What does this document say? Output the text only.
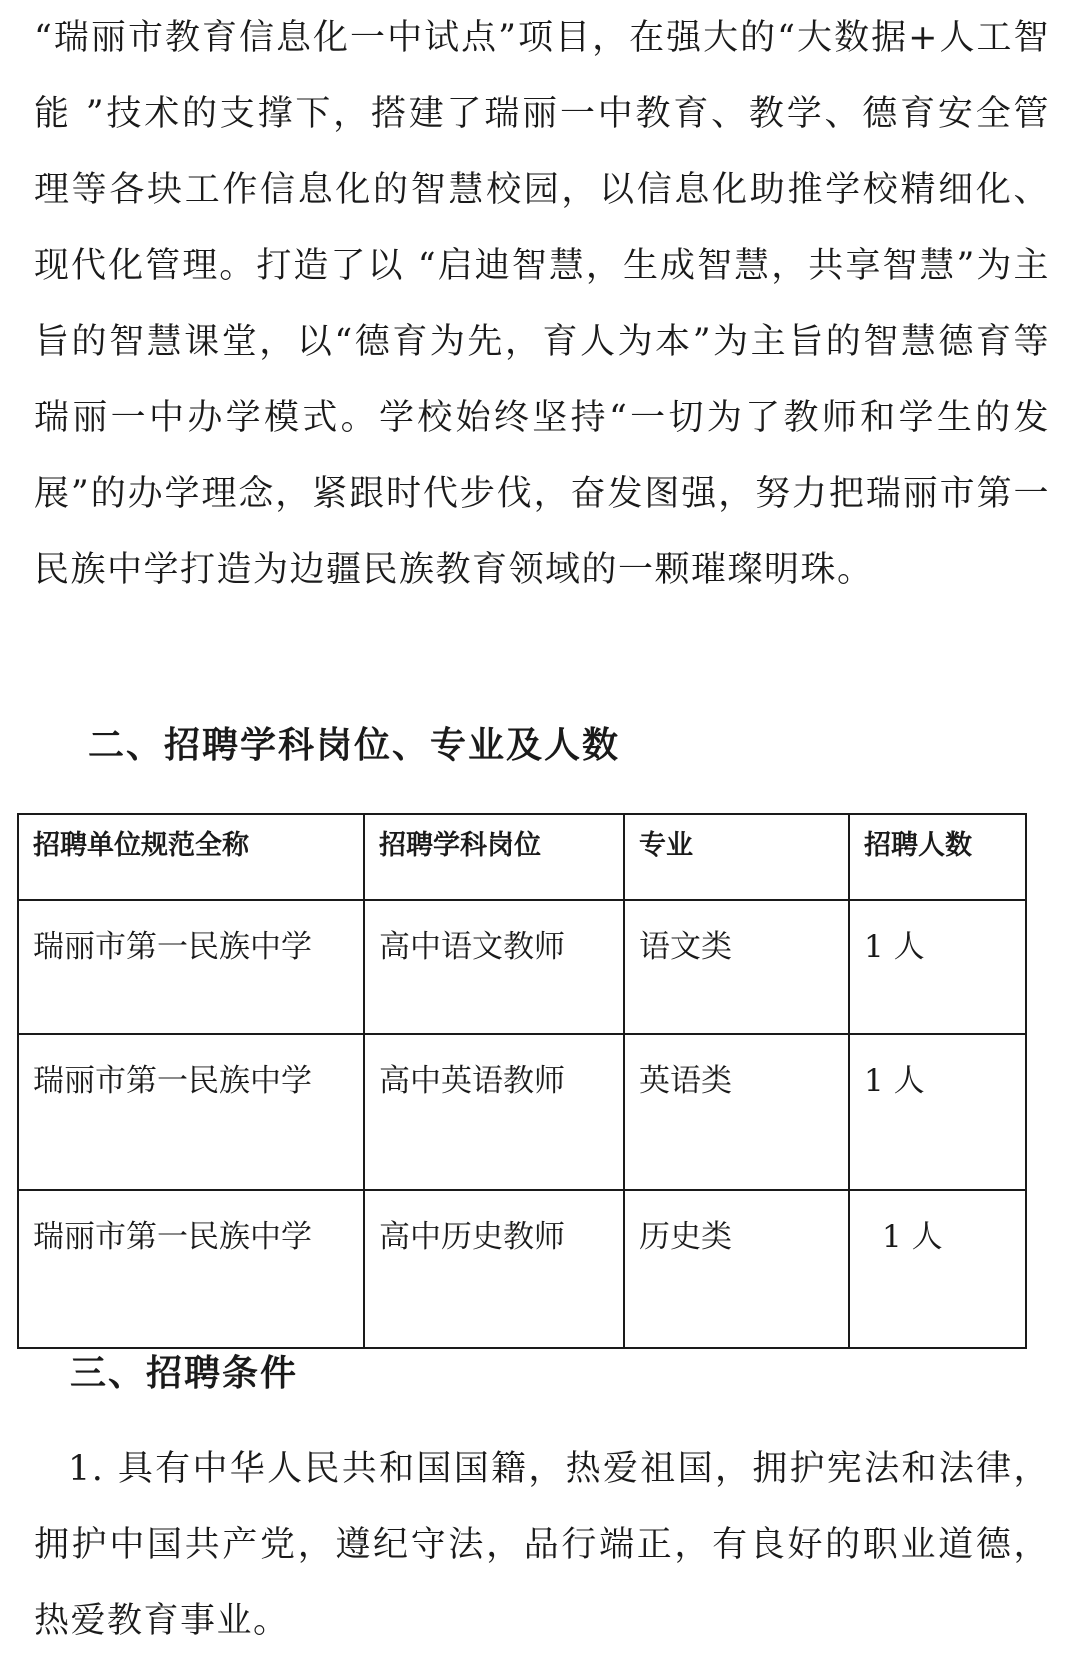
“瑞丽市教育信息化一中试点”项目，在强大的“大数据+人工智能 ”技术的支撑下，搭建了瑞丽一中教育、教学、德育安全管理等各块工作信息化的智慧校园，以信息化助推学校精细化、现代化管理。打造了以 “启迪智慧，生成智慧，共享智慧”为主旨的智慧课堂，以“德育为先，育人为本”为主旨的智慧德育等瑞丽一中办学模式。学校始终坚持“一切为了教师和学生的发展”的办学理念，紧跟时代步伐，奋发图强，努力把瑞丽市第一民族中学打造为边疆民族教育领域的一颗璀璨明珠。

二、招聘学科岗位、专业及人数
招聘单位规范全称	招聘学科岗位	专业	招聘人数
瑞丽市第一民族中学	高中语文教师	语文类	1 人
瑞丽市第一民族中学	高中英语教师	英语类	1 人
瑞丽市第一民族中学	高中历史教师	历史类	1 人
三、招聘条件

1. 具有中华人民共和国国籍，热爱祖国，拥护宪法和法律，拥护中国共产党，遵纪守法，品行端正，有良好的职业道德，热爱教育事业。
